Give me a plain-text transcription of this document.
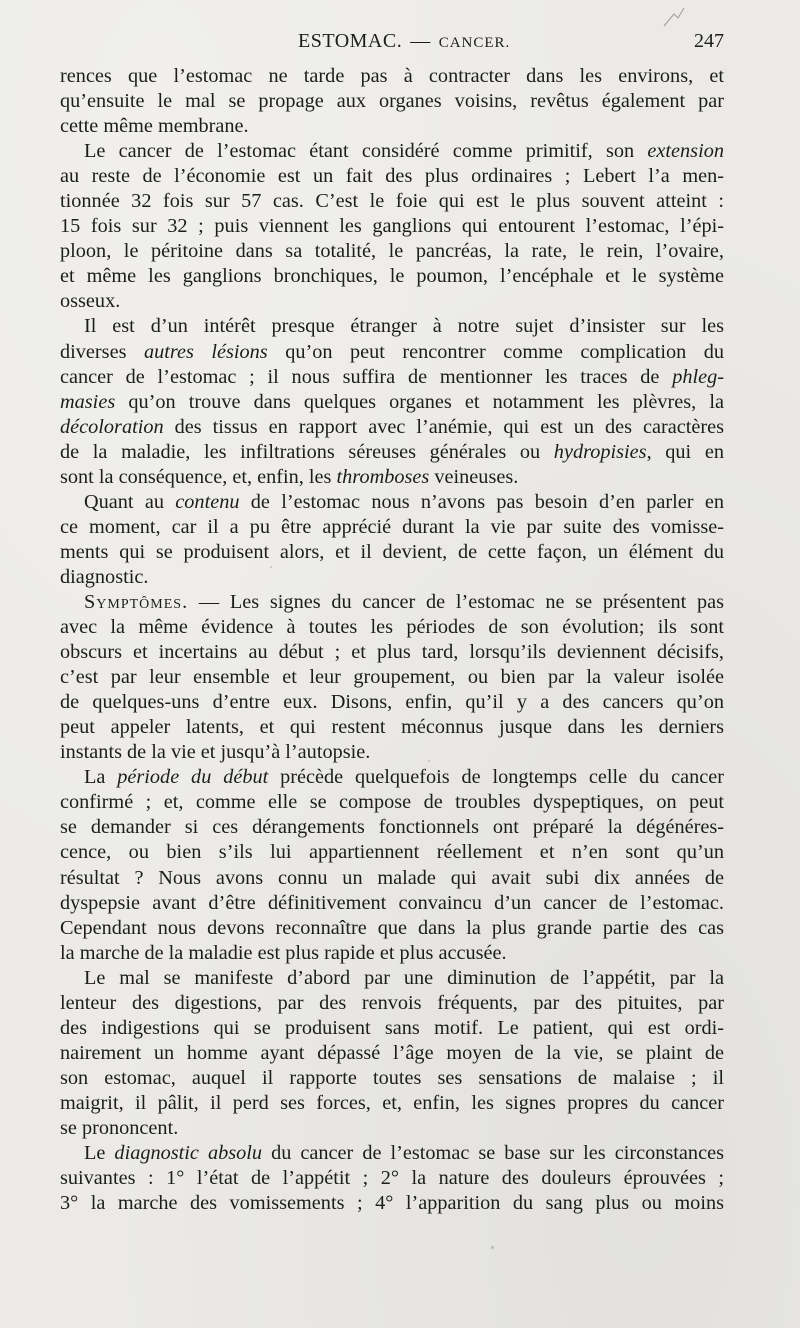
ESTOMAC. — CANCER.	247
rences que l’estomac ne tarde pas à contracter dans les environs, et
qu’ensuite le mal se propage aux organes voisins, revêtus également par
cette même membrane.
Le cancer de l’estomac étant considéré comme primitif, son extension
au reste de l’économie est un fait des plus ordinaires ; Lebert l’a men-
tionnée 32 fois sur 57 cas. C’est le foie qui est le plus souvent atteint :
15 fois sur 32 ; puis viennent les ganglions qui entourent l’estomac, l’épi-
ploon, le péritoine dans sa totalité, le pancréas, la rate, le rein, l’ovaire,
et même les ganglions bronchiques, le poumon, l’encéphale et le système
osseux.
Il est d’un intérêt presque étranger à notre sujet d’insister sur les
diverses autres lésions qu’on peut rencontrer comme complication du
cancer de l’estomac ; il nous suffira de mentionner les traces de phleg-
masies qu’on trouve dans quelques organes et notamment les plèvres, la
décoloration des tissus en rapport avec l’anémie, qui est un des caractères
de la maladie, les infiltrations séreuses générales ou hydropisies, qui en
sont la conséquence, et, enfin, les thromboses veineuses.
Quant au contenu de l’estomac nous n’avons pas besoin d’en parler en
ce moment, car il a pu être apprécié durant la vie par suite des vomisse-
ments qui se produisent alors, et il devient, de cette façon, un élément du
diagnostic.
Symptômes. — Les signes du cancer de l’estomac ne se présentent pas
avec la même évidence à toutes les périodes de son évolution; ils sont
obscurs et incertains au début ; et plus tard, lorsqu’ils deviennent décisifs,
c’est par leur ensemble et leur groupement, ou bien par la valeur isolée
de quelques-uns d’entre eux. Disons, enfin, qu’il y a des cancers qu’on
peut appeler latents, et qui restent méconnus jusque dans les derniers
instants de la vie et jusqu’à l’autopsie.
La période du début précède quelquefois de longtemps celle du cancer
confirmé ; et, comme elle se compose de troubles dyspeptiques, on peut
se demander si ces dérangements fonctionnels ont préparé la dégénéres-
cence, ou bien s’ils lui appartiennent réellement et n’en sont qu’un
résultat ? Nous avons connu un malade qui avait subi dix années de
dyspepsie avant d’être définitivement convaincu d’un cancer de l’estomac.
Cependant nous devons reconnaître que dans la plus grande partie des cas
la marche de la maladie est plus rapide et plus accusée.
Le mal se manifeste d’abord par une diminution de l’appétit, par la
lenteur des digestions, par des renvois fréquents, par des pituites, par
des indigestions qui se produisent sans motif. Le patient, qui est ordi-
nairement un homme ayant dépassé l’âge moyen de la vie, se plaint de
son estomac, auquel il rapporte toutes ses sensations de malaise ; il
maigrit, il pâlit, il perd ses forces, et, enfin, les signes propres du cancer
se prononcent.
Le diagnostic absolu du cancer de l’estomac se base sur les circonstances
suivantes : 1° l’état de l’appétit ; 2° la nature des douleurs éprouvées ;
3° la marche des vomissements ; 4° l’apparition du sang plus ou moins
